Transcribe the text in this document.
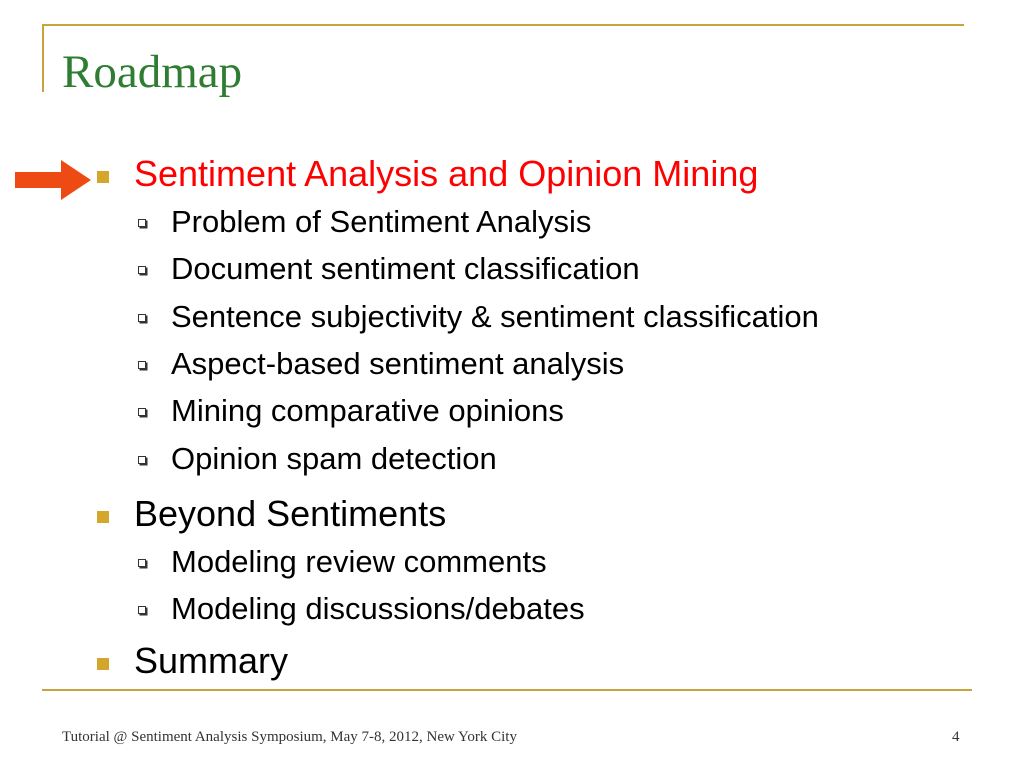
Roadmap
Sentiment Analysis and Opinion Mining
Problem of Sentiment Analysis
Document sentiment classification
Sentence subjectivity & sentiment classification
Aspect-based sentiment analysis
Mining comparative opinions
Opinion spam detection
Beyond Sentiments
Modeling review comments
Modeling discussions/debates
Summary
Tutorial @ Sentiment Analysis Symposium, May 7-8, 2012, New York City	4
